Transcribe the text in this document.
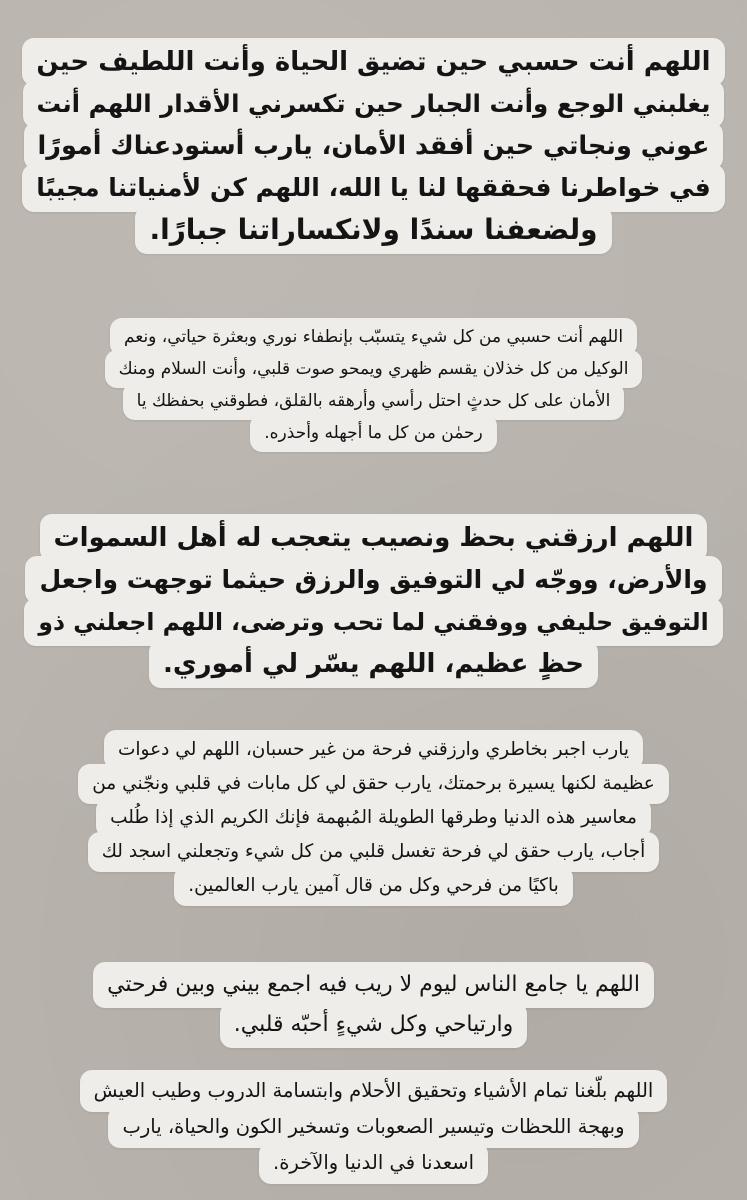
اللهم أنت حسبي حين تضيق الحياة وأنت اللطيف حين
يغلبني الوجع وأنت الجبار حين تكسرني الأقدار اللهم أنت
عوني ونجاتي حين أفقد الأمان، يارب أستودعناك أمورًا
في خواطرنا فحققها لنا يا الله، اللهم كن لأمنياتنا مجيبًا
ولضعفنا سندًا ولانكساراتنا جبارًا.
اللهم أنت حسبي من كل شيء يتسبّب بإنطفاء نوري وبعثرة حياتي، ونعم
الوكيل من كل خذلان يقسم ظهري ويمحو صوت قلبي، وأنت السلام ومنك
الأمان على كل حدثٍ احتل رأسي وأرهقه بالقلق، فطوقني بحفظك يا
رحمٰن من كل ما أجهله وأحذره.
اللهم ارزقني بحظ ونصيب يتعجب له أهل السموات
والأرض، ووجّه لي التوفيق والرزق حيثما توجهت واجعل
التوفيق حليفي ووفقني لما تحب وترضى، اللهم اجعلني ذو
حظٍ عظيم، اللهم يسّر لي أموري.
يارب اجبر بخاطري وارزقني فرحة من غير حسبان، اللهم لي دعوات
عظيمة لكنها يسيرة برحمتك، يارب حقق لي كل مابات في قلبي ونجّني من
معاسير هذه الدنيا وطرقها الطويلة المُبهمة فإنك الكريم الذي إذا طُلب
أجاب، يارب حقق لي فرحة تغسل قلبي من كل شيء وتجعلني اسجد لك
باكيًا من فرحي وكل من قال آمين يارب العالمين.
اللهم يا جامع الناس ليوم لا ريب فيه اجمع بيني وبين فرحتي
وارتياحي وكل شيءٍ أحبّه قلبي.
اللهم بلّغنا تمام الأشياء وتحقيق الأحلام وابتسامة الدروب وطيب العيش
وبهجة اللحظات وتيسير الصعوبات وتسخير الكون والحياة، يارب
اسعدنا في الدنيا والآخرة.
